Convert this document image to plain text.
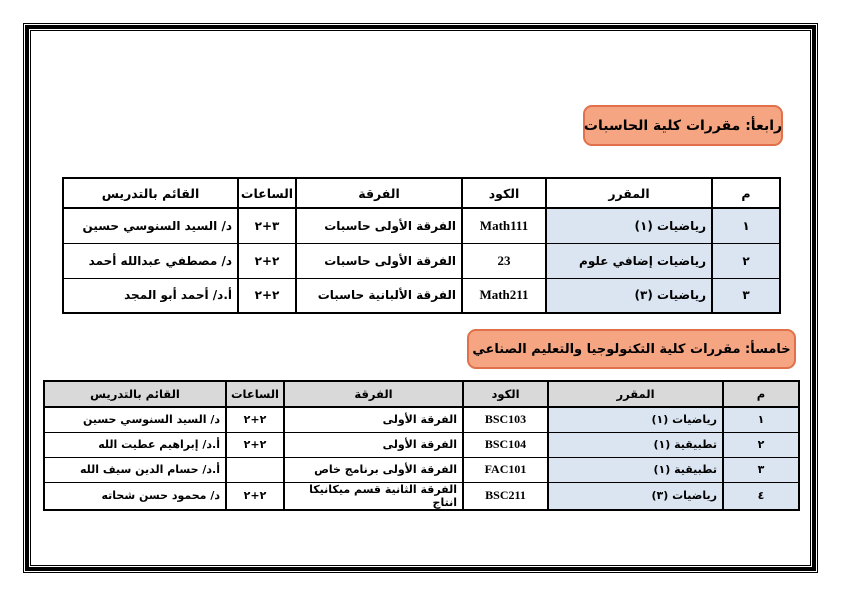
رابعأ: مقررات كلية الحاسبات
م	المقرر	الكود	الفرقة	الساعات	القائم بالتدريس
١	رياضيات (١)	Math111	الفرقة الأولى حاسبات	٣+٢	د/ السيد السنوسي حسين
٢	رياضيات إضافي علوم	23	الفرقة الأولى حاسبات	٢+٢	د/ مصطفي عبدالله أحمد
٣	رياضيات (٣)	Math211	الفرقة الألبانية حاسبات	٢+٢	أ.د/ أحمد أبو المجد
خامسأ: مقررات كلية التكنولوجيا والتعليم الصناعي
م	المقرر	الكود	الفرقة	الساعات	القائم بالتدريس
١	رياضيات (١)	BSC103	الفرقة الأولى	٢+٢	د/ السيد السنوسي حسين
٢	تطبيقية (١)	BSC104	الفرقة الأولى	٢+٢	أ.د/ إبراهيم عطيت الله
٣	تطبيقية (١)	FAC101	الفرقة الأولى برنامج خاص		أ.د/ حسام الدين سيف الله
٤	رياضيات (٣)	BSC211	الفرقة الثانية قسم ميكانيكا انتاج	٢+٢	د/ محمود حسن شحاته
